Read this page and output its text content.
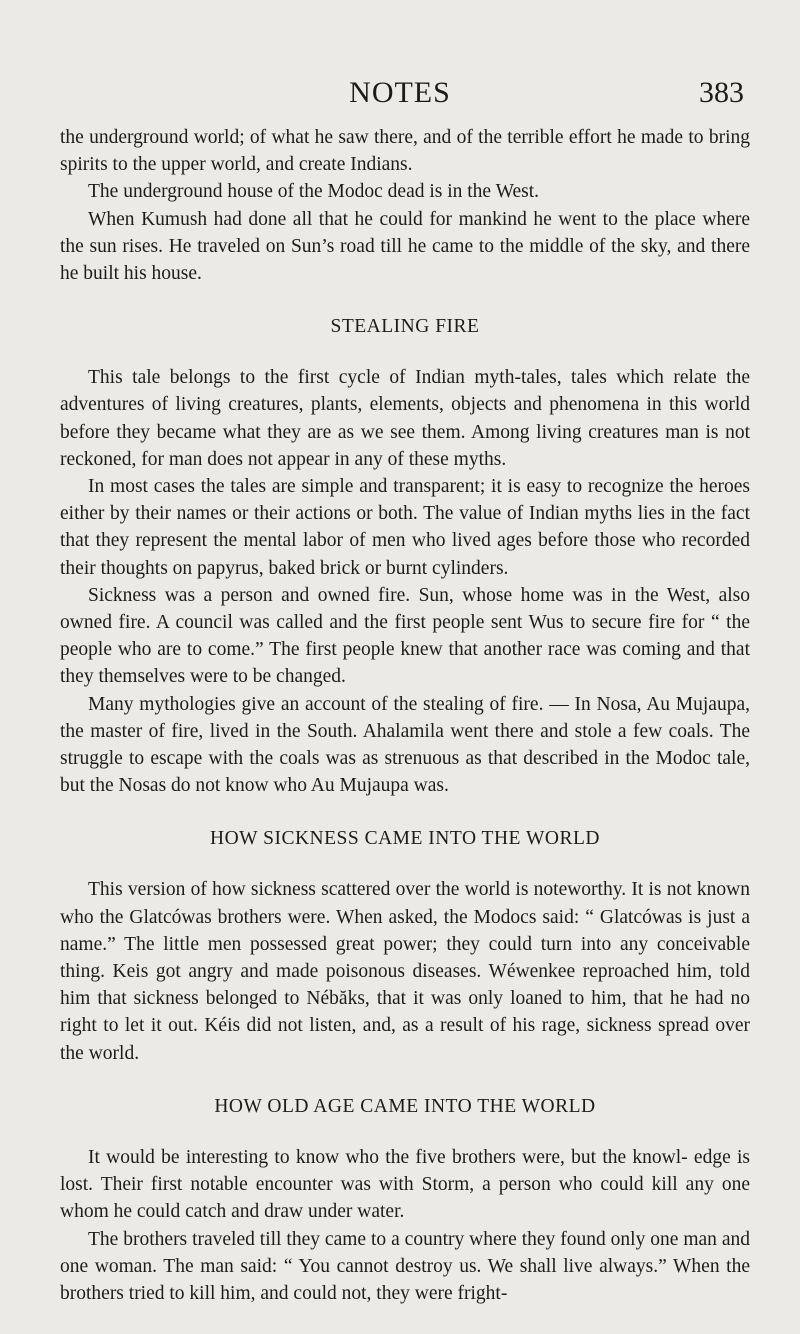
NOTES	383

the underground world; of what he saw there, and of the terrible effort he made to bring spirits to the upper world, and create Indians.

The underground house of the Modoc dead is in the West.

When Kumush had done all that he could for mankind he went to the place where the sun rises. He traveled on Sun’s road till he came to the middle of the sky, and there he built his house.

STEALING FIRE

This tale belongs to the first cycle of Indian myth-tales, tales which relate the adventures of living creatures, plants, elements, objects and phenomena in this world before they became what they are as we see them. Among living creatures man is not reckoned, for man does not appear in any of these myths.

In most cases the tales are simple and transparent; it is easy to recognize the heroes either by their names or their actions or both. The value of Indian myths lies in the fact that they represent the mental labor of men who lived ages before those who recorded their thoughts on papyrus, baked brick or burnt cylinders.

Sickness was a person and owned fire. Sun, whose home was in the West, also owned fire. A council was called and the first people sent Wus to secure fire for “ the people who are to come.” The first people knew that another race was coming and that they themselves were to be changed.

Many mythologies give an account of the stealing of fire. — In Nosa, Au Mujaupa, the master of fire, lived in the South. Ahalamila went there and stole a few coals. The struggle to escape with the coals was as strenuous as that described in the Modoc tale, but the Nosas do not know who Au Mujaupa was.

HOW SICKNESS CAME INTO THE WORLD

This version of how sickness scattered over the world is noteworthy. It is not known who the Glatcówas brothers were. When asked, the Modocs said: “ Glatcówas is just a name.” The little men possessed great power; they could turn into any conceivable thing. Keis got angry and made poisonous diseases. Wéwenkee reproached him, told him that sickness belonged to Nébăks, that it was only loaned to him, that he had no right to let it out. Kéis did not listen, and, as a result of his rage, sickness spread over the world.

HOW OLD AGE CAME INTO THE WORLD

It would be interesting to know who the five brothers were, but the knowl- edge is lost. Their first notable encounter was with Storm, a person who could kill any one whom he could catch and draw under water.

The brothers traveled till they came to a country where they found only one man and one woman. The man said: “ You cannot destroy us. We shall live always.” When the brothers tried to kill him, and could not, they were fright-
